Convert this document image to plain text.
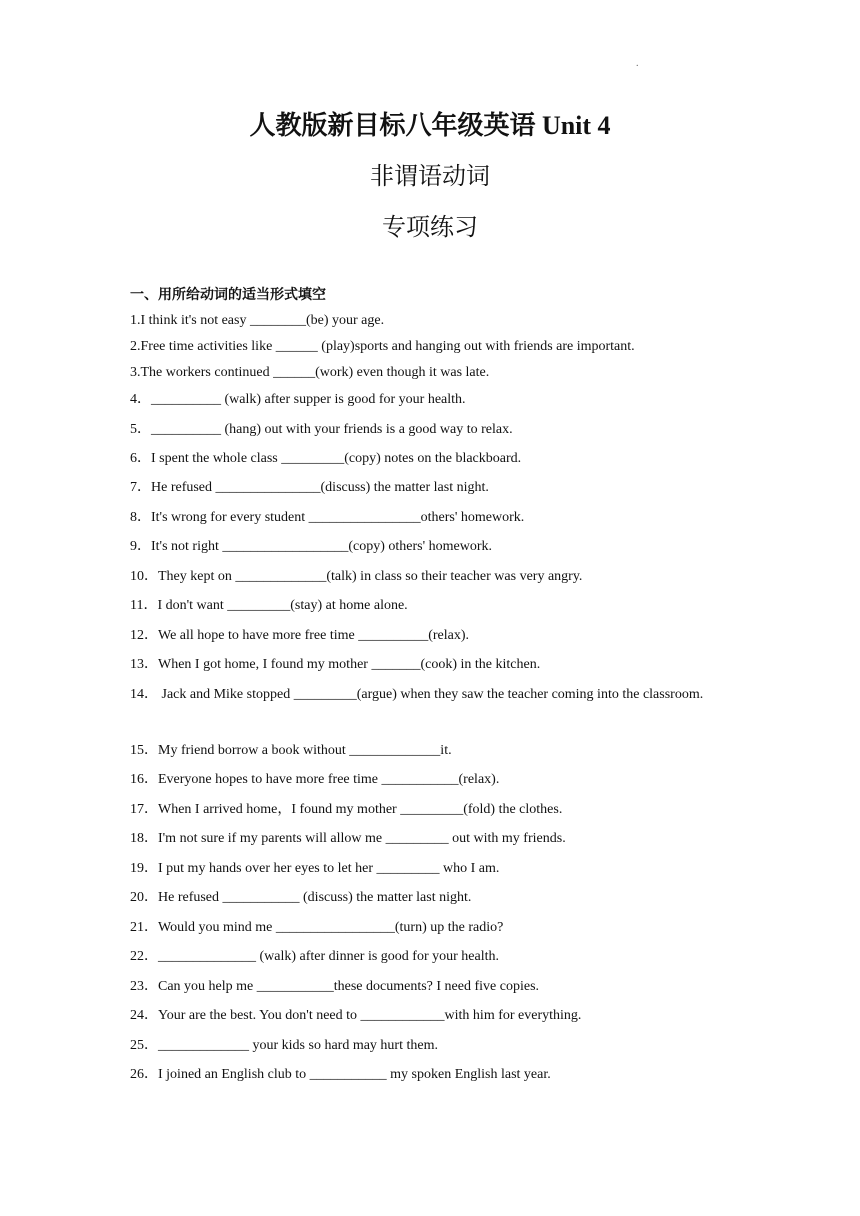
.
人教版新目标八年级英语 Unit 4
非谓语动词
专项练习
一、用所给动词的适当形式填空
1.I think it's not easy ________(be) your age.
2.Free time activities like ______ (play)sports and hanging out with friends are important.
3.The workers continued ______(work) even though it was late.
4．__________ (walk) after supper is good for your health.
5．__________ (hang) out with your friends is a good way to relax.
6．I spent the whole class _________(copy) notes on the blackboard.
7．He refused _______________(discuss) the matter last night.
8．It's wrong for every student ________________others' homework.
9．It's not right __________________(copy) others' homework.
10．They kept on _____________(talk) in class so their teacher was very angry.
11．I don't want _________(stay) at home alone.
12．We all hope to have more free time __________(relax).
13．When I got home, I found my mother _______(cook) in the kitchen.
14． Jack and Mike stopped _________(argue) when they saw the teacher coming into the classroom.
15．My friend borrow a book without _____________it.
16．Everyone hopes to have more free time ___________(relax).
17．When I arrived home，I found my mother _________(fold) the clothes.
18．I'm not sure if my parents will allow me _________ out with my friends.
19．I put my hands over her eyes to let her _________ who I am.
20．He refused ___________ (discuss) the matter last night.
21．Would you mind me _________________(turn) up the radio?
22．______________ (walk) after dinner is good for your health.
23．Can you help me ___________these documents? I need five copies.
24．Your are the best. You don't need to ____________with him for everything.
25．_____________ your kids so hard may hurt them.
26．I joined an English club to ___________ my spoken English last year.
